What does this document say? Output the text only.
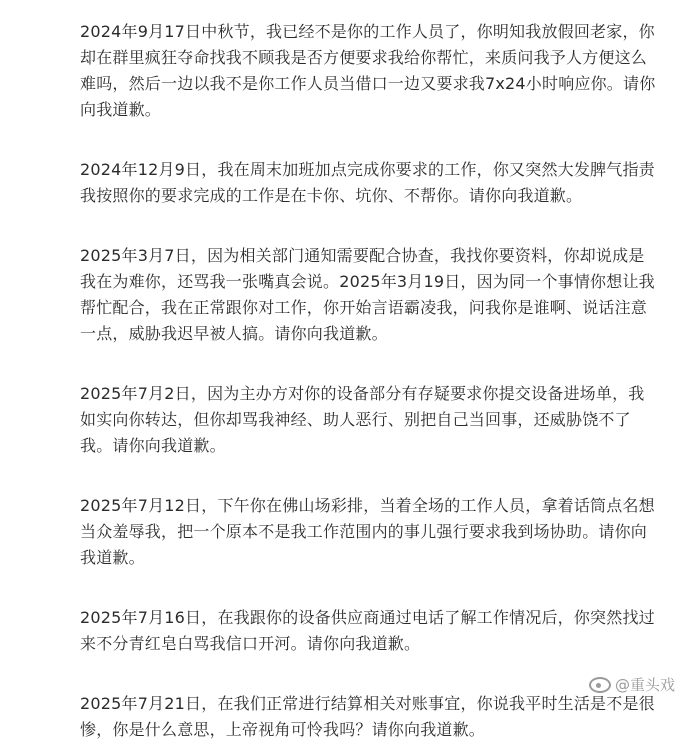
2024年9月17日中秋节，我已经不是你的工作人员了，你明知我放假回老家，你却在群里疯狂夺命找我不顾我是否方便要求我给你帮忙，来质问我予人方便这么难吗，然后一边以我不是你工作人员当借口一边又要求我7x24小时响应你。请你向我道歉。

2024年12月9日，我在周末加班加点完成你要求的工作，你又突然大发脾气指责我按照你的要求完成的工作是在卡你、坑你、不帮你。请你向我道歉。

2025年3月7日，因为相关部门通知需要配合协查，我找你要资料，你却说成是我在为难你，还骂我一张嘴真会说。2025年3月19日，因为同一个事情你想让我帮忙配合，我在正常跟你对工作，你开始言语霸凌我，问我你是谁啊、说话注意一点，威胁我迟早被人搞。请你向我道歉。

2025年7月2日，因为主办方对你的设备部分有存疑要求你提交设备进场单，我如实向你转达，但你却骂我神经、助人恶行、别把自己当回事，还威胁饶不了我。请你向我道歉。

2025年7月12日，下午你在佛山场彩排，当着全场的工作人员，拿着话筒点名想当众羞辱我，把一个原本不是我工作范围内的事儿强行要求我到场协助。请你向我道歉。

2025年7月16日，在我跟你的设备供应商通过电话了解工作情况后，你突然找过来不分青红皂白骂我信口开河。请你向我道歉。

2025年7月21日，在我们正常进行结算相关对账事宜，你说我平时生活是不是很惨，你是什么意思，上帝视角可怜我吗？请你向我道歉。

@重头戏
